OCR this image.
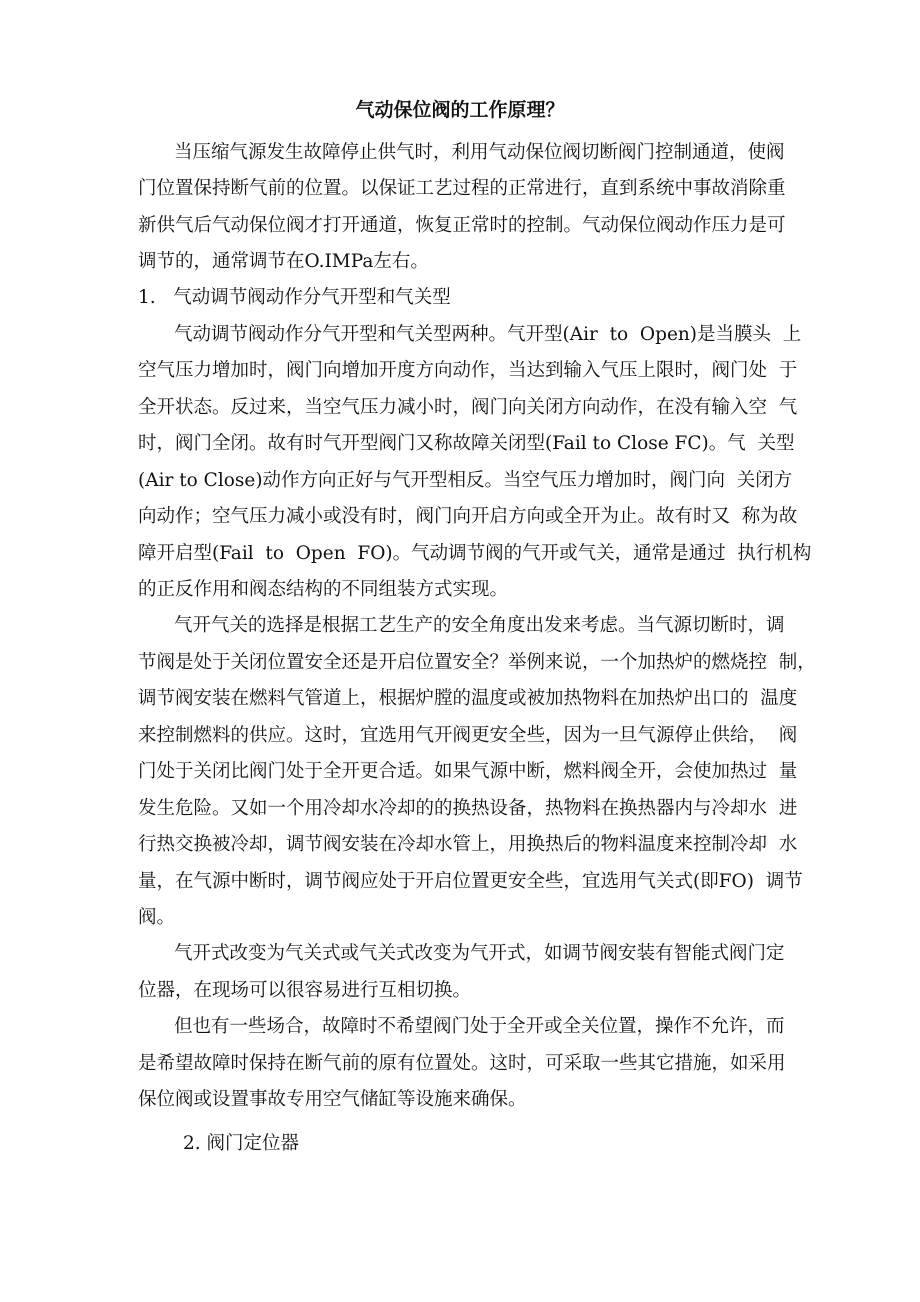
气动保位阀的工作原理？

当压缩气源发生故障停止供气时，利用气动保位阀切断阀门控制通道，使阀

门位置保持断气前的位置。以保证工艺过程的正常进行，直到系统中事故消除重

新供气后气动保位阀才打开通道，恢复正常时的控制。气动保位阀动作压力是可

调节的，通常调节在O.IMPa左右。

1.   气动调节阀动作分气开型和气关型

气动调节阀动作分气开型和气关型两种。气开型(Air  to  Open)是当膜头  上

空气压力增加时，阀门向增加开度方向动作，当达到输入气压上限时，阀门处  于

全开状态。反过来，当空气压力减小时，阀门向关闭方向动作，在没有输入空  气

时，阀门全闭。故有时气开型阀门又称故障关闭型(Fail to Close FC)。气  关型

(Air to Close)动作方向正好与气开型相反。当空气压力增加时，阀门向  关闭方

向动作；空气压力减小或没有时，阀门向开启方向或全开为止。故有时又  称为故

障开启型(Fail  to  Open  FO)。气动调节阀的气开或气关，通常是通过  执行机构

的正反作用和阀态结构的不同组装方式实现。

气开气关的选择是根据工艺生产的安全角度出发来考虑。当气源切断时，调

节阀是处于关闭位置安全还是开启位置安全？举例来说，一个加热炉的燃烧控  制，

调节阀安装在燃料气管道上，根据炉膛的温度或被加热物料在加热炉出口的  温度

来控制燃料的供应。这时，宜选用气开阀更安全些，因为一旦气源停止供给，  阀

门处于关闭比阀门处于全开更合适。如果气源中断，燃料阀全开，会使加热过  量

发生危险。又如一个用冷却水冷却的的换热设备，热物料在换热器内与冷却水  进

行热交换被冷却，调节阀安装在冷却水管上，用换热后的物料温度来控制冷却  水

量，在气源中断时，调节阀应处于开启位置更安全些，宜选用气关式(即FO)  调节

阀。

气开式改变为气关式或气关式改变为气开式，如调节阀安装有智能式阀门定

位器，在现场可以很容易进行互相切换。

但也有一些场合，故障时不希望阀门处于全开或全关位置，操作不允许，而

是希望故障时保持在断气前的原有位置处。这时，可采取一些其它措施，如采用

保位阀或设置事故专用空气储缸等设施来确保。

2. 阀门定位器
